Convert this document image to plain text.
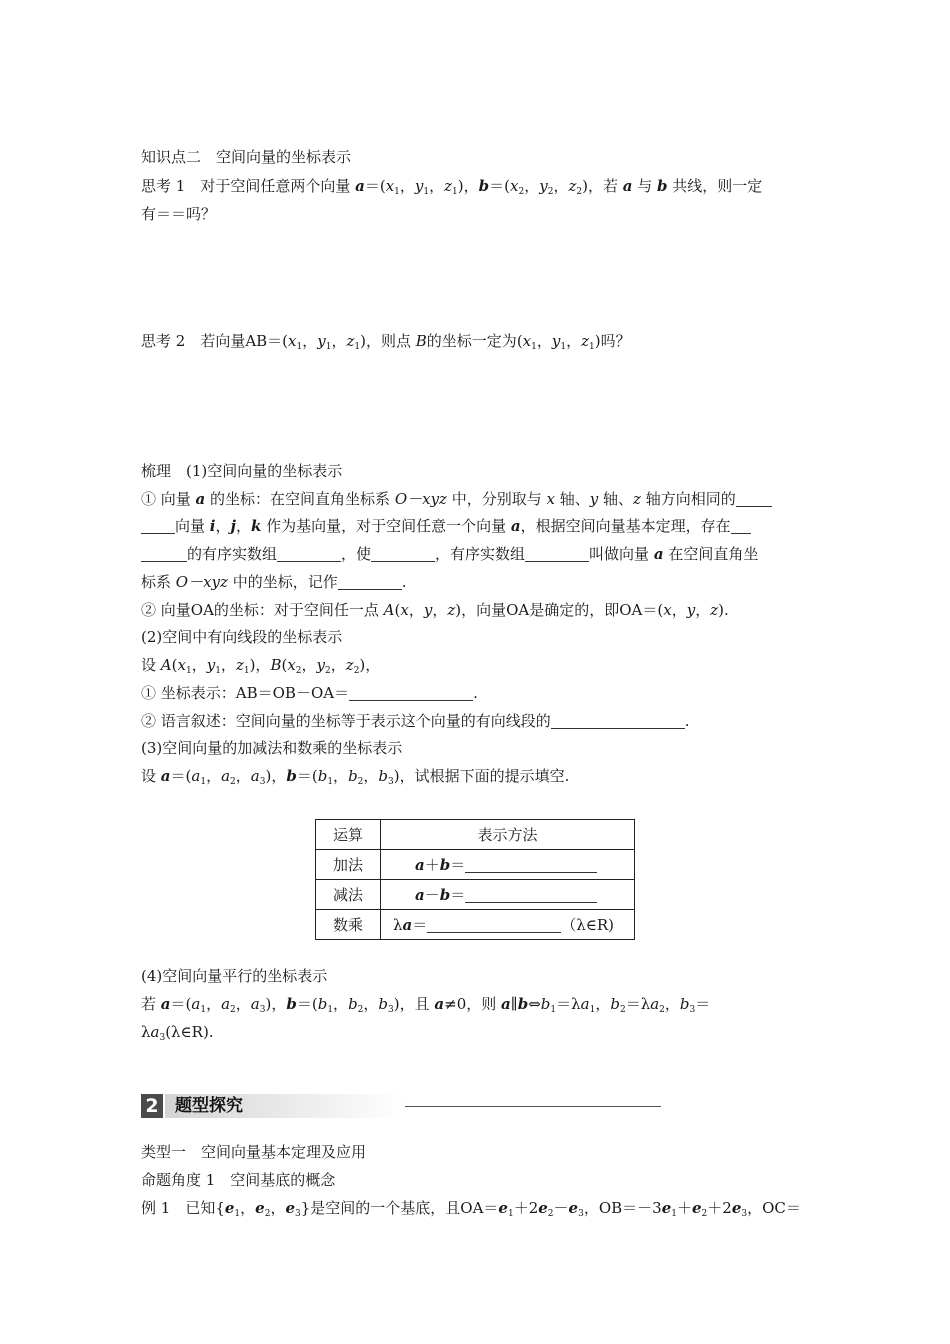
知识点二　空间向量的坐标表示
思考 1　对于空间任意两个向量 $a=(x_1$，$y_1$，$z_1$)，$b=(x_2$，$y_2$，$z_2$)，若 a 与 b 共线，则一定
有＝＝吗？
思考 2　若向量$AB=(x_1$，$y_1$，$z_1$)，则点 B的坐标一定为($x_1$，$y_1$，$z_1$)吗？
梳理　(1)空间向量的坐标表示
① 向量 a 的坐标：在空间直角坐标系 O－xyz 中，分别取与 x 轴、y 轴、z 轴方向相同的
向量 i，j，k 作为基向量，对于空间任意一个向量 a，根据空间向量基本定理，存在
的有序实数组	，使	，有序实数组	叫做向量 a 在空间直角坐
标系 O－xyz 中的坐标，记作	.
② 向量OA的坐标：对于空间任一点 A(x，y，z)，向量OA是确定的，即OA＝(x，y，z).
(2)空间中有向线段的坐标表示
设 $A(x_1$，$y_1$，$z_1$)，$B(x_2$，$y_2$，$z_2$)，
① 坐标表示：AB＝OB－OA＝	.
② 语言叙述：空间向量的坐标等于表示这个向量的有向线段的	.
(3)空间向量的加减法和数乘的坐标表示
设 $a=(a_1$，$a_2$，$a_3$)，$b=(b_1$，$b_2$，$b_3$)，试根据下面的提示填空.
运算	表示方法
加法	a＋b＝
减法	a－b＝
数乘	λa＝ （λ∈R)
(4)空间向量平行的坐标表示
若 $a=(a_1$，$a_2$，$a_3$)，$b=(b_1$，$b_2$，$b_3$)，且 a≠0，则 $a\parallel b\Leftrightarrow b_1=\lambda a_1$，$b_2=\lambda a_2$，$b_3=$
$\lambda a_3(\lambda\in R)$.
2 题型探究
类型一　空间向量基本定理及应用
命题角度 1　空间基底的概念
例 1　已知{$e_1$，$e_2$，$e_3$}是空间的一个基底，且$OA=e_1+2e_2-e_3$，$OB=-3e_1+e_2+2e_3$，OC＝
